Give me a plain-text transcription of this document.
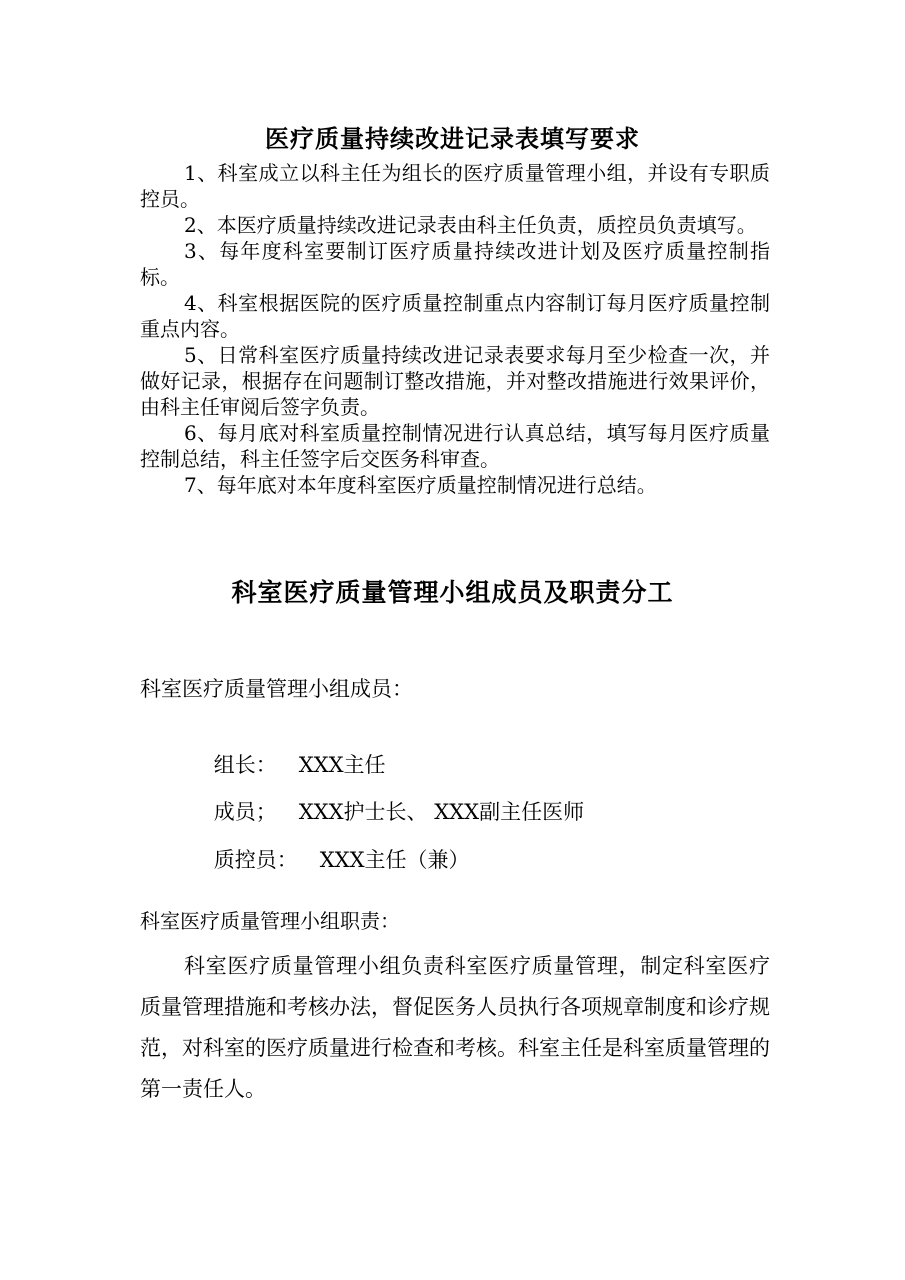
医疗质量持续改进记录表填写要求

1、科室成立以科主任为组长的医疗质量管理小组，并设有专职质控员。

2、本医疗质量持续改进记录表由科主任负责，质控员负责填写。

3、每年度科室要制订医疗质量持续改进计划及医疗质量控制指标。

4、科室根据医院的医疗质量控制重点内容制订每月医疗质量控制重点内容。

5、日常科室医疗质量持续改进记录表要求每月至少检查一次，并做好记录，根据存在问题制订整改措施，并对整改措施进行效果评价，由科主任审阅后签字负责。

6、每月底对科室质量控制情况进行认真总结，填写每月医疗质量控制总结，科主任签字后交医务科审查。

7、每年底对本年度科室医疗质量控制情况进行总结。

科室医疗质量管理小组成员及职责分工
科室医疗质量管理小组成员：

组长： XXX主任

成员； XXX护士长、 XXX副主任医师

质控员： XXX主任（兼）

科室医疗质量管理小组职责：

科室医疗质量管理小组负责科室医疗质量管理，制定科室医疗质量管理措施和考核办法，督促医务人员执行各项规章制度和诊疗规范，对科室的医疗质量进行检查和考核。科室主任是科室质量管理的第一责任人。
